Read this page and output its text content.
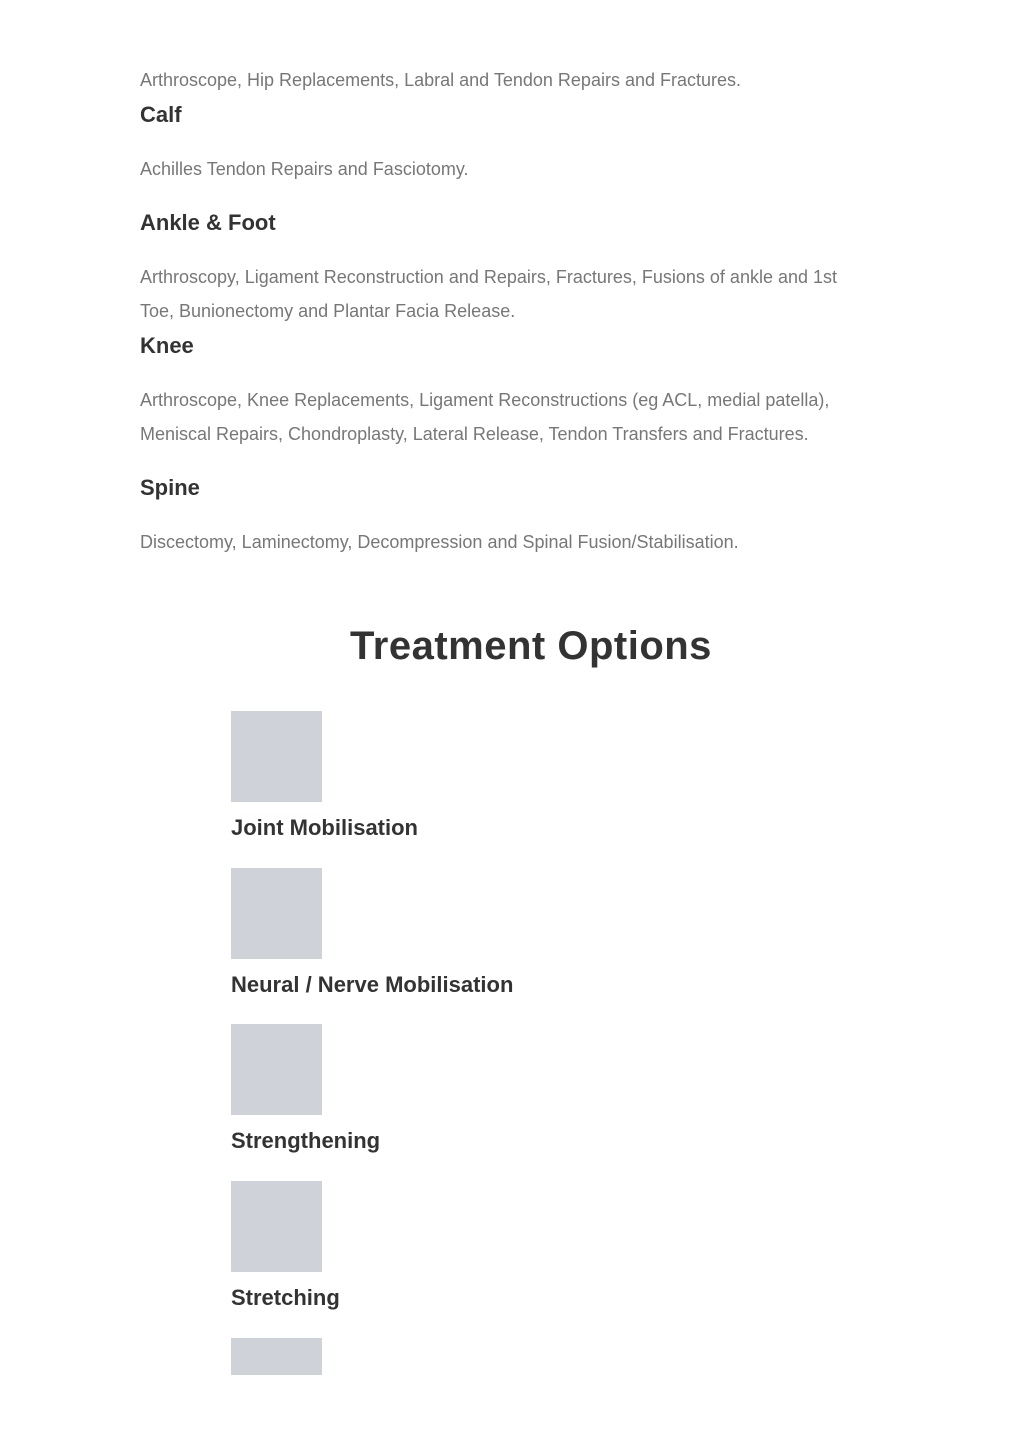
Arthroscope, Hip Replacements, Labral and Tendon Repairs and Fractures.

Calf

Achilles Tendon Repairs and Fasciotomy.

Ankle & Foot

Arthroscopy, Ligament Reconstruction and Repairs, Fractures, Fusions of ankle and 1st

Toe, Bunionectomy and Plantar Facia Release.

Knee

Arthroscope, Knee Replacements, Ligament Reconstructions (eg ACL, medial patella),

Meniscal Repairs, Chondroplasty, Lateral Release, Tendon Transfers and Fractures.

Spine

Discectomy, Laminectomy, Decompression and Spinal Fusion/Stabilisation.

Treatment Options
Joint Mobilisation
Neural / Nerve Mobilisation
Strengthening
Stretching
